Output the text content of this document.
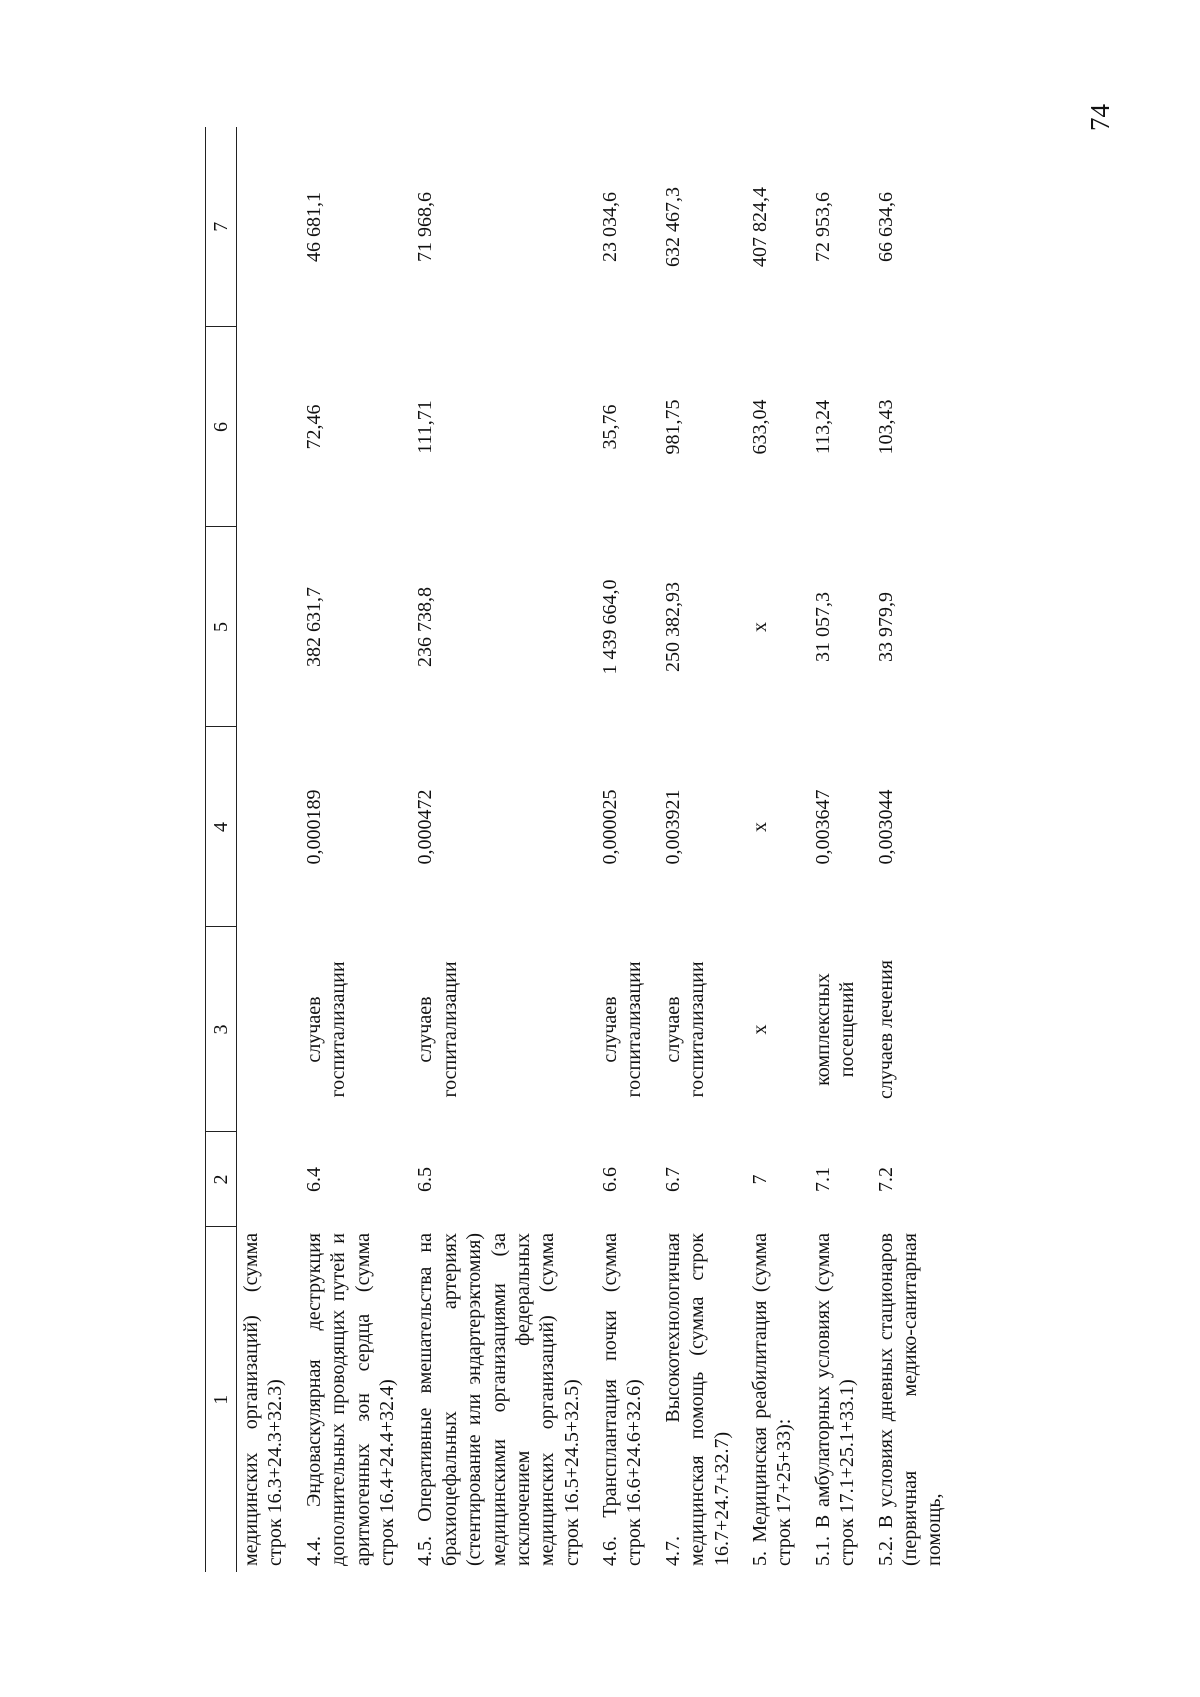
74
1	2	3	4	5	6	7
медицинских организаций) (сумма строк 16.3+24.3+32.3)						
4.4. Эндоваскулярная деструкция дополнительных проводящих путей и аритмогенных зон сердца (сумма строк 16.4+24.4+32.4)	6.4	случаев госпитализации	0,000189	382 631,7	72,46	46 681,1
4.5. Оперативные вмешательства на брахиоцефальных артериях (стентирование или эндартерэктомия) медицинскими организациями (за исключением федеральных медицинских организаций) (сумма строк 16.5+24.5+32.5)	6.5	случаев госпитализации	0,000472	236 738,8	111,71	71 968,6
4.6. Трансплантация почки (сумма строк 16.6+24.6+32.6)	6.6	случаев госпитализации	0,000025	1 439 664,0	35,76	23 034,6
4.7. Высокотехнологичная медицинская помощь (сумма строк 16.7+24.7+32.7)	6.7	случаев госпитализации	0,003921	250 382,93	981,75	632 467,3
5. Медицинская реабилитация (сумма строк 17+25+33):	7	x	x	x	633,04	407 824,4
5.1. В амбулаторных условиях (сумма строк 17.1+25.1+33.1)	7.1	комплексных посещений	0,003647	31 057,3	113,24	72 953,6
5.2. В условиях дневных стационаров (первичная медико-санитарная помощь,	7.2	случаев лечения	0,003044	33 979,9	103,43	66 634,6
